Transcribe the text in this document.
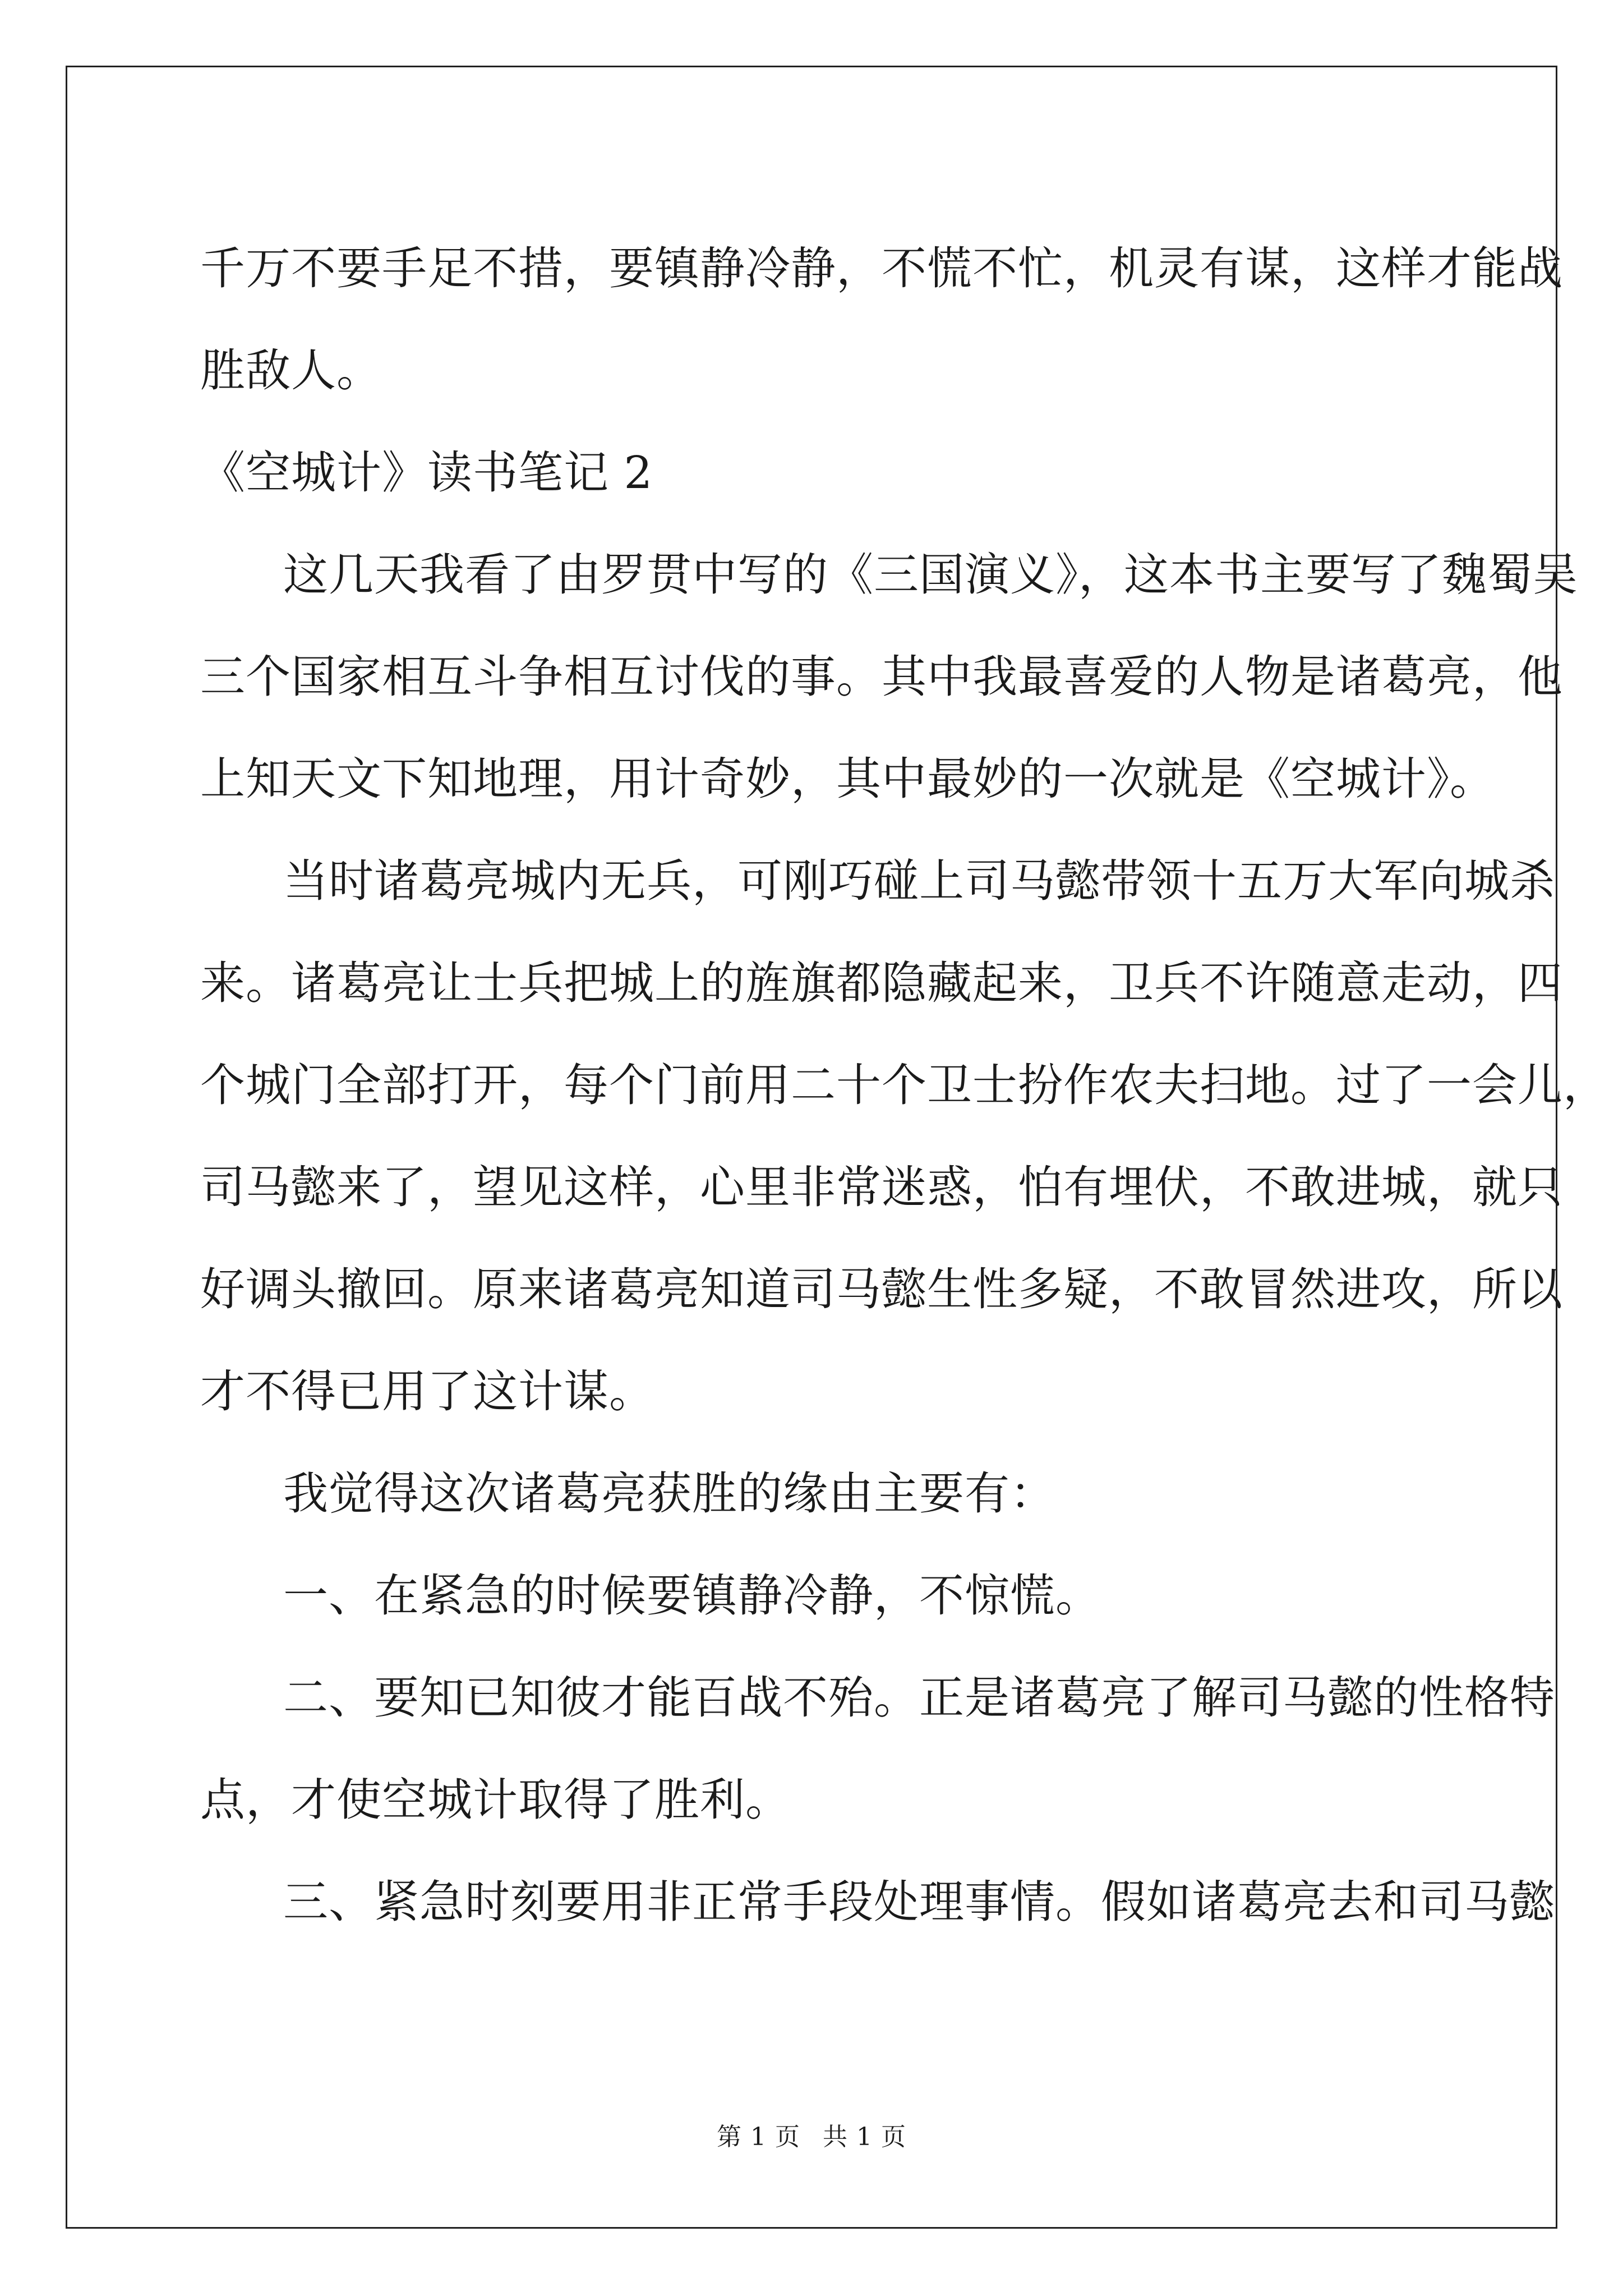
千万不要手足不措，要镇静冷静，不慌不忙，机灵有谋，这样才能战
胜敌人。
《空城计》读书笔记 2
这几天我看了由罗贯中写的《三国演义》，这本书主要写了魏蜀吴
三个国家相互斗争相互讨伐的事。其中我最喜爱的人物是诸葛亮，他
上知天文下知地理，用计奇妙，其中最妙的一次就是《空城计》。
当时诸葛亮城内无兵，可刚巧碰上司马懿带领十五万大军向城杀
来。诸葛亮让士兵把城上的旌旗都隐藏起来，卫兵不许随意走动，四
个城门全部打开，每个门前用二十个卫士扮作农夫扫地。过了一会儿，
司马懿来了，望见这样，心里非常迷惑，怕有埋伏，不敢进城，就只
好调头撤回。原来诸葛亮知道司马懿生性多疑，不敢冒然进攻，所以
才不得已用了这计谋。
我觉得这次诸葛亮获胜的缘由主要有：
一、在紧急的时候要镇静冷静，不惊慌。
二、要知已知彼才能百战不殆。正是诸葛亮了解司马懿的性格特
点，才使空城计取得了胜利。
三、紧急时刻要用非正常手段处理事情。假如诸葛亮去和司马懿
第 1 页 共 1 页
